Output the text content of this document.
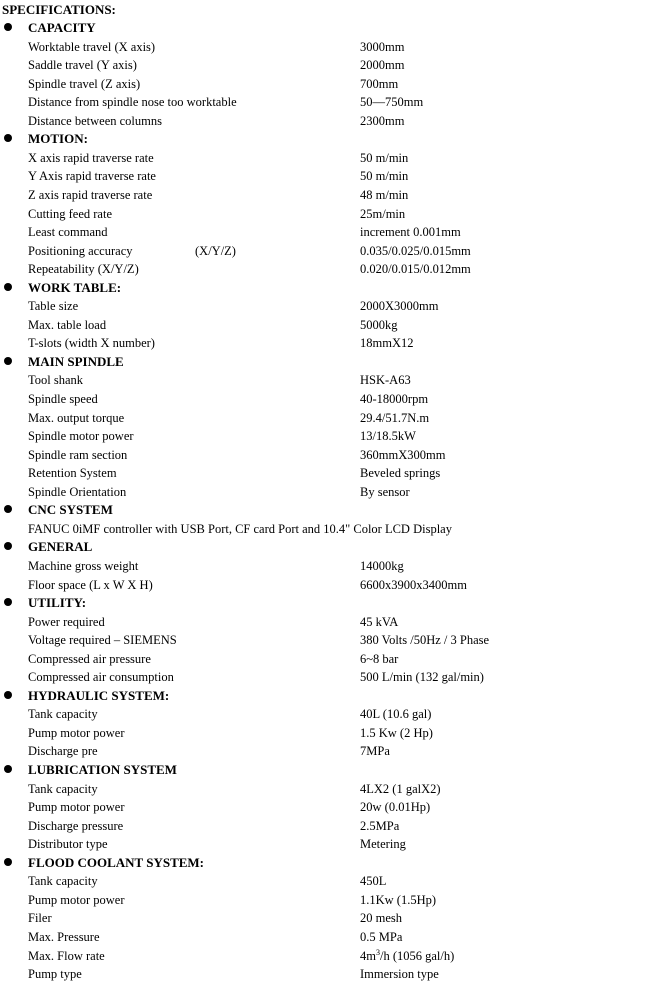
SPECIFICATIONS:
CAPACITY
Worktable travel (X axis)	3000mm
Saddle travel (Y axis)	2000mm
Spindle travel (Z axis)	700mm
Distance from spindle nose too worktable	50—750mm
Distance between columns	2300mm
MOTION:
X axis rapid traverse rate	50 m/min
Y Axis rapid traverse rate	50 m/min
Z axis rapid traverse rate	48 m/min
Cutting feed rate	25m/min
Least command	increment 0.001mm
Positioning accuracy	(X/Y/Z)	0.035/0.025/0.015mm
Repeatability (X/Y/Z)	0.020/0.015/0.012mm
WORK TABLE:
Table size	2000X3000mm
Max. table load	5000kg
T-slots (width X number)	18mmX12
MAIN SPINDLE
Tool shank	HSK-A63
Spindle speed	40-18000rpm
Max. output torque	29.4/51.7N.m
Spindle motor power	13/18.5kW
Spindle ram section	360mmX300mm
Retention System	Beveled springs
Spindle Orientation	By sensor
CNC SYSTEM
FANUC 0iMF controller with USB Port, CF card Port and 10.4" Color LCD Display
GENERAL
Machine gross weight	14000kg
Floor space (L x W X H)	6600x3900x3400mm
UTILITY:
Power required	45 kVA
Voltage required – SIEMENS	380 Volts /50Hz / 3 Phase
Compressed air pressure	6~8 bar
Compressed air consumption	500 L/min (132 gal/min)
HYDRAULIC SYSTEM:
Tank capacity	40L (10.6 gal)
Pump motor power	1.5 Kw (2 Hp)
Discharge pre	7MPa
LUBRICATION SYSTEM
Tank capacity	4LX2 (1 galX2)
Pump motor power	20w (0.01Hp)
Discharge pressure	2.5MPa
Distributor type	Metering
FLOOD COOLANT SYSTEM:
Tank capacity	450L
Pump motor power	1.1Kw (1.5Hp)
Filer	20 mesh
Max. Pressure	0.5 MPa
Max. Flow rate	$4m^3/h$ (1056 gal/h)
Pump type	Immersion type
